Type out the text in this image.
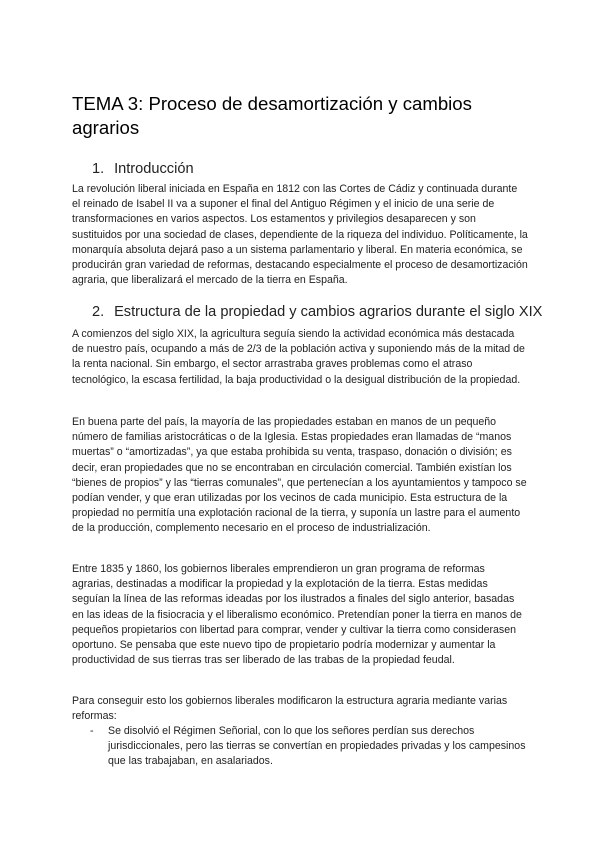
TEMA 3: Proceso de desamortización y cambios agrarios
1. Introducción

La revolución liberal iniciada en España en 1812 con las Cortes de Cádiz y continuada durante el reinado de Isabel II va a suponer el final del Antiguo Régimen y el inicio de una serie de transformaciones en varios aspectos. Los estamentos y privilegios desaparecen y son sustituidos por una sociedad de clases, dependiente de la riqueza del individuo. Políticamente, la monarquía absoluta dejará paso a un sistema parlamentario y liberal. En materia económica, se producirán gran variedad de reformas, destacando especialmente el proceso de desamortización agraria, que liberalizará el mercado de la tierra en España.

2. Estructura de la propiedad y cambios agrarios durante el siglo XIX

A comienzos del siglo XIX, la agricultura seguía siendo la actividad económica más destacada de nuestro país, ocupando a más de 2/3 de la población activa y suponiendo más de la mitad de la renta nacional. Sin embargo, el sector arrastraba graves problemas como el atraso tecnológico, la escasa fertilidad, la baja productividad o la desigual distribución de la propiedad.

En buena parte del país, la mayoría de las propiedades estaban en manos de un pequeño número de familias aristocráticas o de la Iglesia. Estas propiedades eran llamadas de “manos muertas” o “amortizadas”, ya que estaba prohibida su venta, traspaso, donación o división; es decir, eran propiedades que no se encontraban en circulación comercial. También existían los “bienes de propios” y las “tierras comunales”, que pertenecían a los ayuntamientos y tampoco se podían vender, y que eran utilizadas por los vecinos de cada municipio. Esta estructura de la propiedad no permitía una explotación racional de la tierra, y suponía un lastre para el aumento de la producción, complemento necesario en el proceso de industrialización.

Entre 1835 y 1860, los gobiernos liberales emprendieron un gran programa de reformas agrarias, destinadas a modificar la propiedad y la explotación de la tierra. Estas medidas seguían la línea de las reformas ideadas por los ilustrados a finales del siglo anterior, basadas en las ideas de la fisiocracia y el liberalismo económico. Pretendían poner la tierra en manos de pequeños propietarios con libertad para comprar, vender y cultivar la tierra como considerasen oportuno. Se pensaba que este nuevo tipo de propietario podría modernizar y aumentar la productividad de sus tierras tras ser liberado de las trabas de la propiedad feudal.

Para conseguir esto los gobiernos liberales modificaron la estructura agraria mediante varias reformas:

- Se disolvió el Régimen Señorial, con lo que los señores perdían sus derechos jurisdiccionales, pero las tierras se convertían en propiedades privadas y los campesinos que las trabajaban, en asalariados.
